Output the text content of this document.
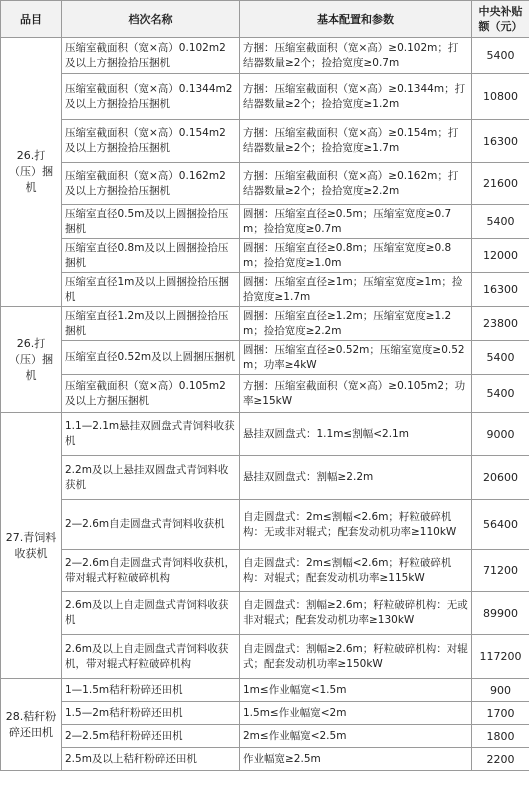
品目	档次名称	基本配置和参数	中央补贴额（元）
26.打（压）捆机	压缩室截面积（宽×高）0.102m2及以上方捆捡拾压捆机	方捆：压缩室截面积（宽×高）≥0.102m；打结器数量≥2个；捡拾宽度≥0.7m	5400
	压缩室截面积（宽×高）0.1344m2及以上方捆捡拾压捆机	方捆：压缩室截面积（宽×高）≥0.1344m；打结器数量≥2个；捡拾宽度≥1.2m	10800
	压缩室截面积（宽×高）0.154m2及以上方捆捡拾压捆机	方捆：压缩室截面积（宽×高）≥0.154m；打结器数量≥2个；捡拾宽度≥1.7m	16300
	压缩室截面积（宽×高）0.162m2及以上方捆捡拾压捆机	方捆：压缩室截面积（宽×高）≥0.162m；打结器数量≥2个；捡拾宽度≥2.2m	21600
	压缩室直径0.5m及以上圆捆捡拾压捆机	圆捆：压缩室直径≥0.5m；压缩室宽度≥0.7m；捡拾宽度≥0.7m	5400
	压缩室直径0.8m及以上圆捆捡拾压捆机	圆捆：压缩室直径≥0.8m；压缩室宽度≥0.8m；捡拾宽度≥1.0m	12000
	压缩室直径1m及以上圆捆捡拾压捆机	圆捆：压缩室直径≥1m；压缩室宽度≥1m；捡拾宽度≥1.7m	16300
26.打（压）捆机	压缩室直径1.2m及以上圆捆捡拾压捆机	圆捆：压缩室直径≥1.2m；压缩室宽度≥1.2m；捡拾宽度≥2.2m	23800
	压缩室直径0.52m及以上圆捆压捆机	圆捆：压缩室直径≥0.52m；压缩室宽度≥0.52m；功率≥4kW	5400
	压缩室截面积（宽×高）0.105m2及以上方捆压捆机	方捆：压缩室截面积（宽×高）≥0.105m2；功率≥15kW	5400
27.青饲料收获机	1.1—2.1m悬挂双圆盘式青饲料收获机	悬挂双圆盘式：1.1m≤割幅<2.1m	9000
	2.2m及以上悬挂双圆盘式青饲料收获机	悬挂双圆盘式：割幅≥2.2m	20600
	2—2.6m自走圆盘式青饲料收获机	自走圆盘式：2m≤割幅<2.6m；籽粒破碎机构：无或非对辊式；配套发动机功率≥110kW	56400
	2—2.6m自走圆盘式青饲料收获机，带对辊式籽粒破碎机构	自走圆盘式：2m≤割幅<2.6m；籽粒破碎机构：对辊式；配套发动机功率≥115kW	71200
	2.6m及以上自走圆盘式青饲料收获机	自走圆盘式：割幅≥2.6m；籽粒破碎机构：无或非对辊式；配套发动机功率≥130kW	89900
	2.6m及以上自走圆盘式青饲料收获机，带对辊式籽粒破碎机构	自走圆盘式：割幅≥2.6m；籽粒破碎机构：对辊式；配套发动机功率≥150kW	117200
28.秸秆粉碎还田机	1—1.5m秸秆粉碎还田机	1m≤作业幅宽<1.5m	900
	1.5—2m秸秆粉碎还田机	1.5m≤作业幅宽<2m	1700
	2—2.5m秸秆粉碎还田机	2m≤作业幅宽<2.5m	1800
	2.5m及以上秸秆粉碎还田机	作业幅宽≥2.5m	2200
